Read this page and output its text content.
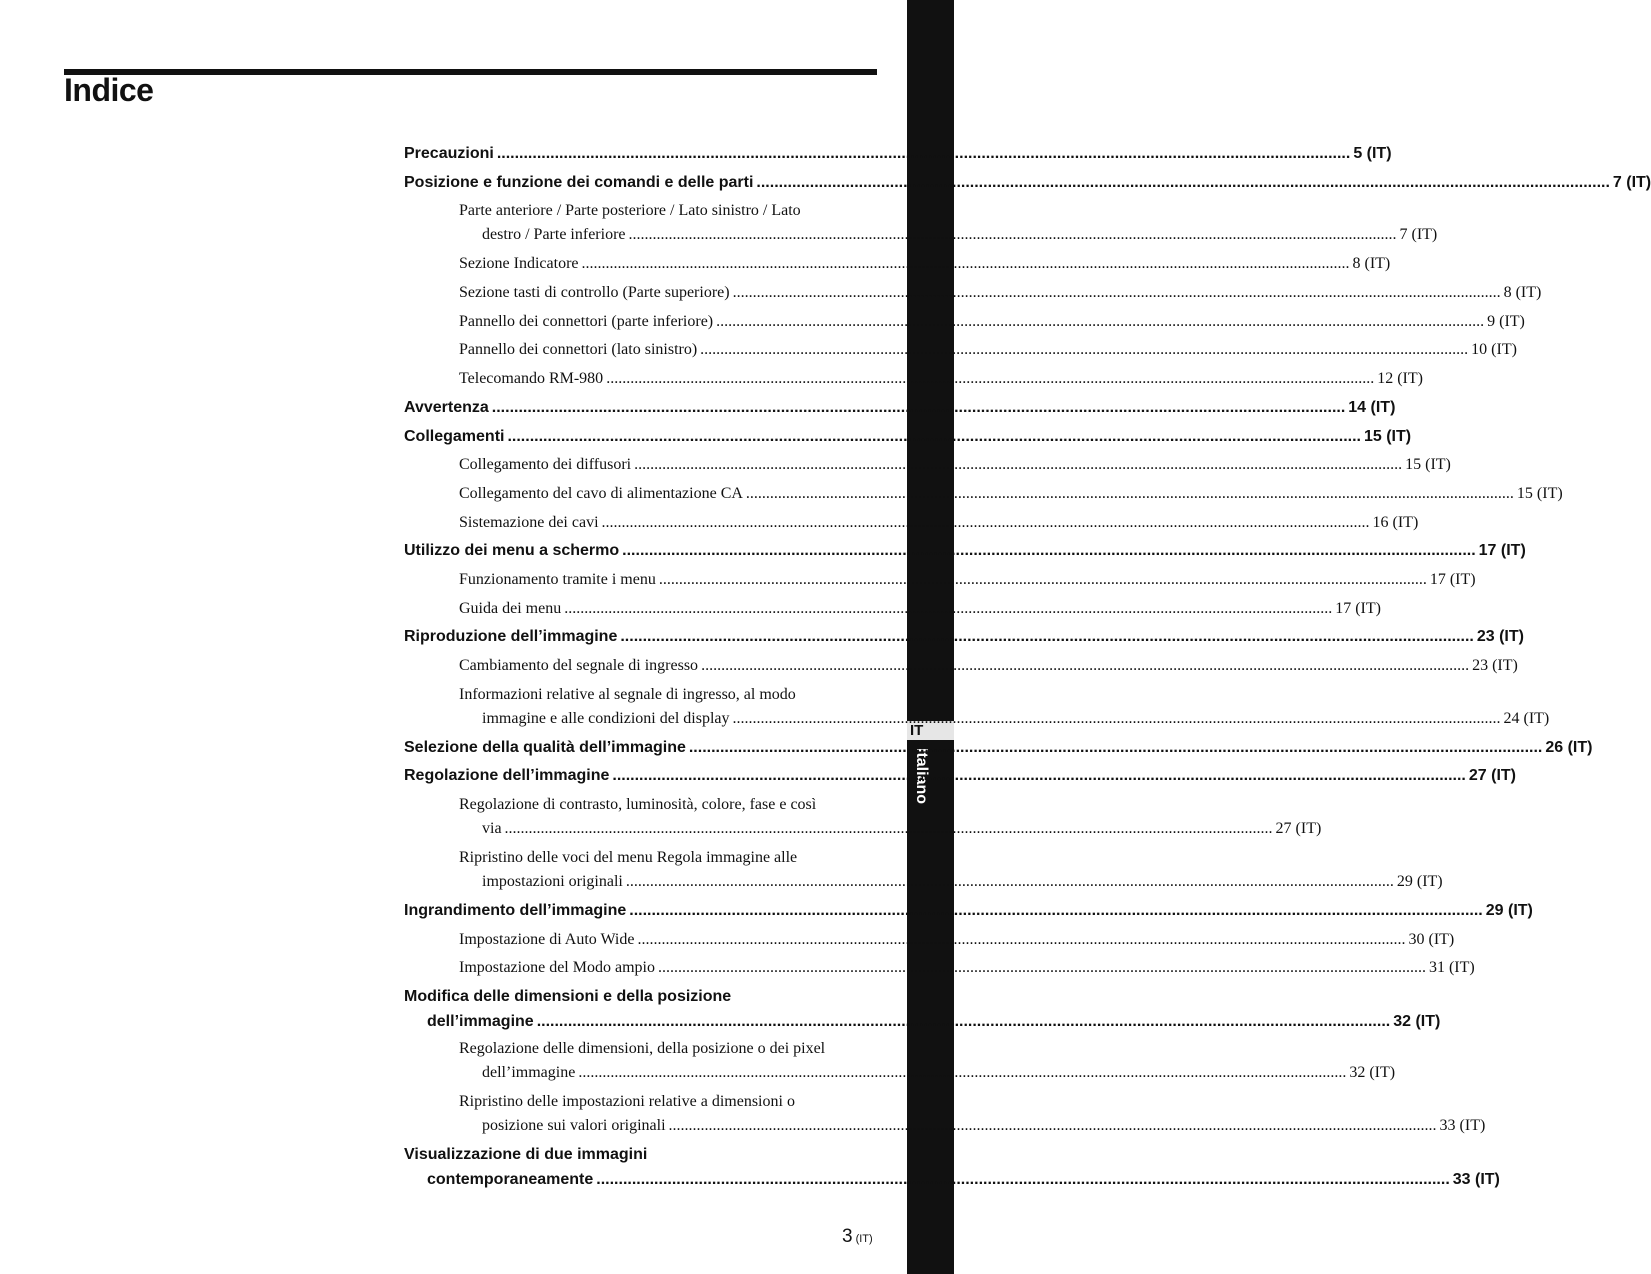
Indice
IT
Italiano
Precauzioni .....	5 (IT)
Posizione e funzione dei comandi e delle parti .....	7 (IT)
Parte anteriore / Parte posteriore / Lato sinistro / Lato
destro / Parte inferiore .....	7 (IT)
Sezione Indicatore .....	8 (IT)
Sezione tasti di controllo (Parte superiore) .....	8 (IT)
Pannello dei connettori (parte inferiore) .....	9 (IT)
Pannello dei connettori (lato sinistro) .....	10 (IT)
Telecomando RM-980 .....	12 (IT)
Avvertenza .....	14 (IT)
Collegamenti .....	15 (IT)
Collegamento dei diffusori .....	15 (IT)
Collegamento del cavo di alimentazione CA .....	15 (IT)
Sistemazione dei cavi .....	16 (IT)
Utilizzo dei menu a schermo .....	17 (IT)
Funzionamento tramite i menu .....	17 (IT)
Guida dei menu .....	17 (IT)
Riproduzione dell’immagine .....	23 (IT)
Cambiamento del segnale di ingresso .....	23 (IT)
Informazioni relative al segnale di ingresso, al modo
immagine e alle condizioni del display .....	24 (IT)
Selezione della qualità dell’immagine .....	26 (IT)
Regolazione dell’immagine .....	27 (IT)
Regolazione di contrasto, luminosità, colore, fase e così
via .....	27 (IT)
Ripristino delle voci del menu Regola immagine alle
impostazioni originali .....	29 (IT)
Ingrandimento dell’immagine .....	29 (IT)
Impostazione di Auto Wide .....	30 (IT)
Impostazione del Modo ampio .....	31 (IT)
Modifica delle dimensioni e della posizione
dell’immagine .....	32 (IT)
Regolazione delle dimensioni, della posizione o dei pixel
dell’immagine .....	32 (IT)
Ripristino delle impostazioni relative a dimensioni o
posizione sui valori originali .....	33 (IT)
Visualizzazione di due immagini
contemporaneamente .....	33 (IT)
3 (IT)
